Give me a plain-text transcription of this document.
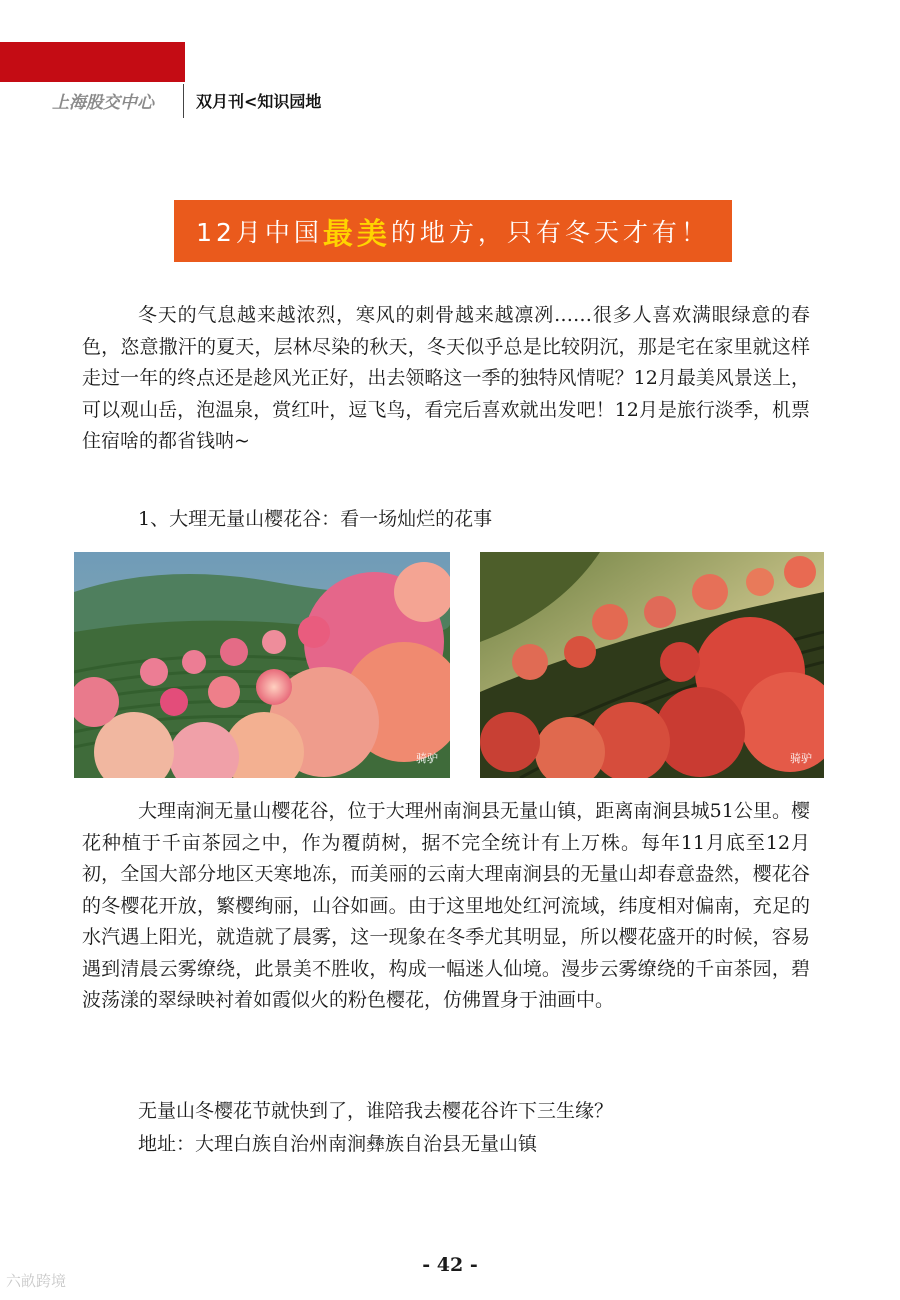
上海股交中心	双月刊<知识园地
12月中国 最美 的地方，只有冬天才有！

冬天的气息越来越浓烈，寒风的刺骨越来越凛冽……很多人喜欢满眼绿意的春色，恣意撒汗的夏天，层林尽染的秋天，冬天似乎总是比较阴沉，那是宅在家里就这样走过一年的终点还是趁风光正好，出去领略这一季的独特风情呢？12月最美风景送上，可以观山岳，泡温泉，赏红叶，逗飞鸟，看完后喜欢就出发吧！12月是旅行淡季，机票住宿啥的都省钱呐~

1、大理无量山樱花谷：看一场灿烂的花事

骑驴	骑驴

大理南涧无量山樱花谷，位于大理州南涧县无量山镇，距离南涧县城51公里。樱花种植于千亩茶园之中，作为覆荫树，据不完全统计有上万株。每年11月底至12月初，全国大部分地区天寒地冻，而美丽的云南大理南涧县的无量山却春意盎然，樱花谷的冬樱花开放，繁樱绚丽，山谷如画。由于这里地处红河流域，纬度相对偏南，充足的水汽遇上阳光，就造就了晨雾，这一现象在冬季尤其明显，所以樱花盛开的时候，容易遇到清晨云雾缭绕，此景美不胜收，构成一幅迷人仙境。漫步云雾缭绕的千亩茶园，碧波荡漾的翠绿映衬着如霞似火的粉色樱花，仿佛置身于油画中。

无量山冬樱花节就快到了，谁陪我去樱花谷许下三生缘？

地址：大理白族自治州南涧彝族自治县无量山镇

- 42 -
六畝跨境
